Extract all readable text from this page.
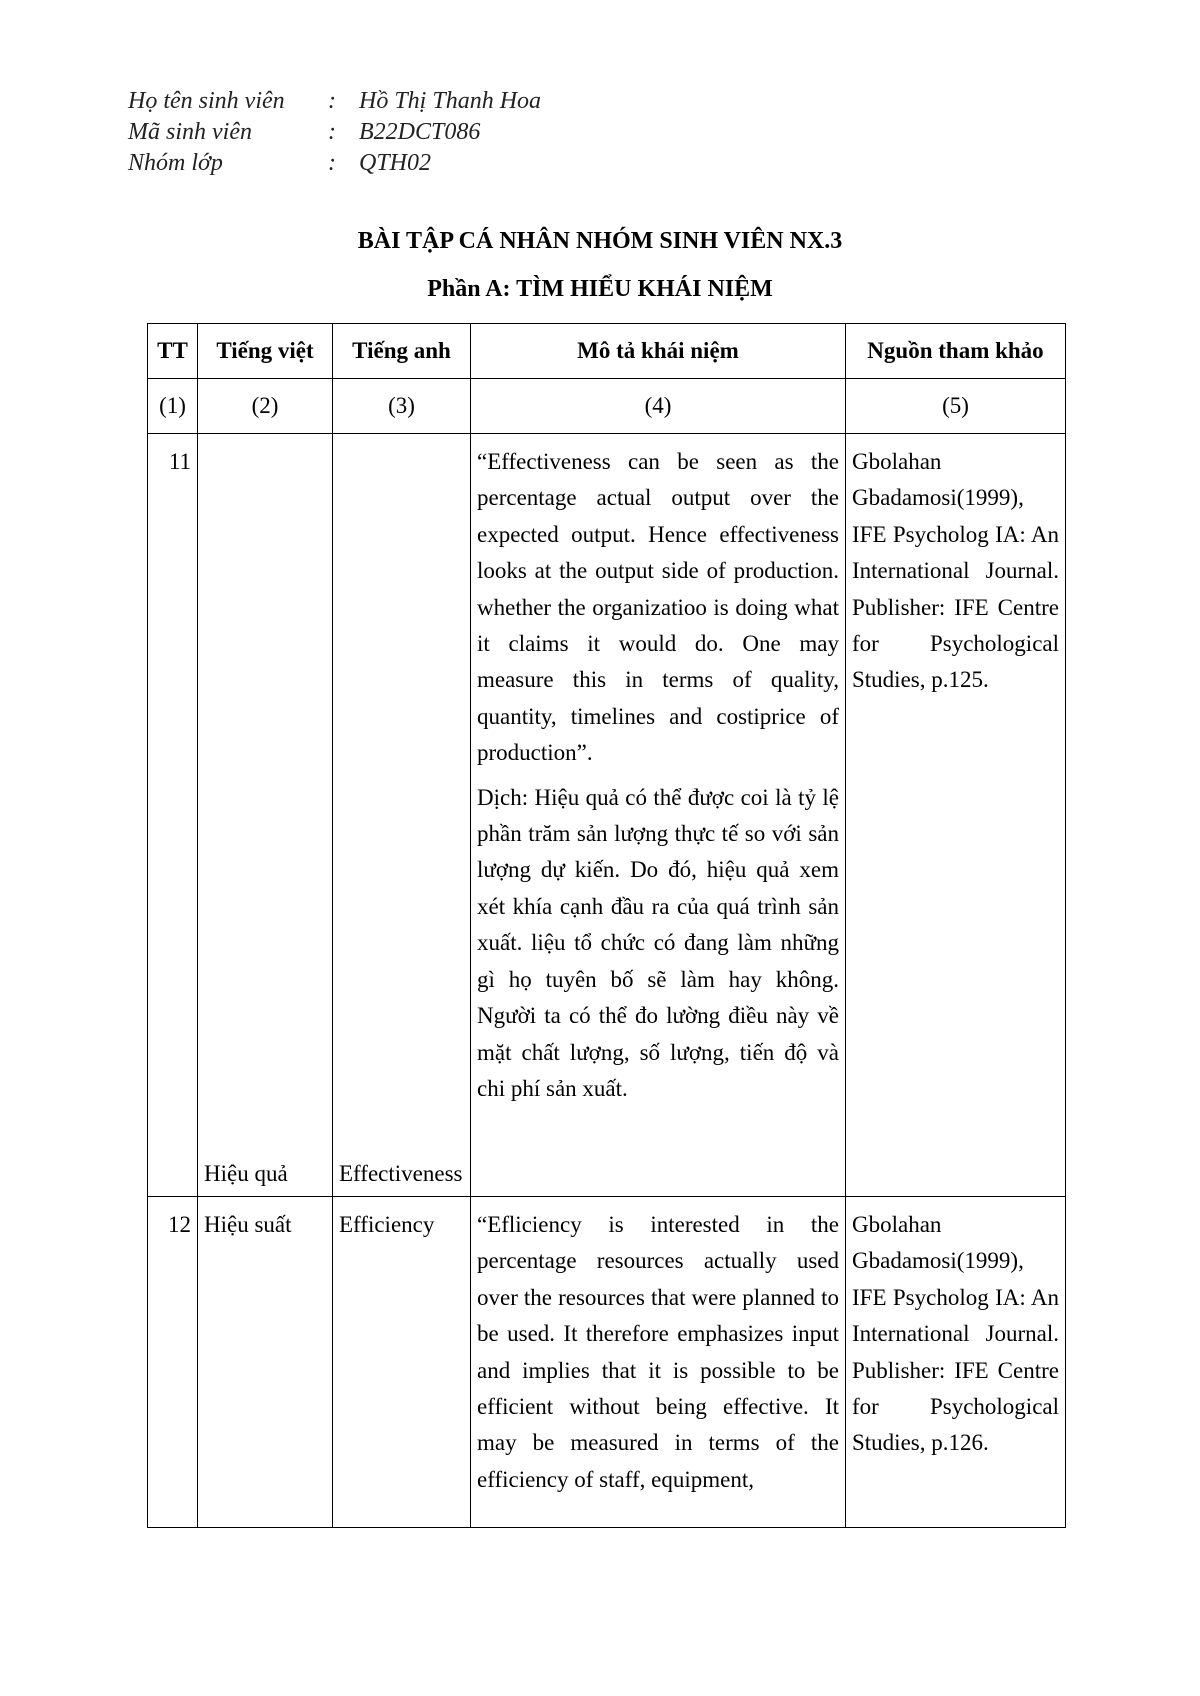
Họ tên sinh viên	: Hồ Thị Thanh Hoa
Mã sinh viên	: B22DCT086
Nhóm lớp	: QTH02
BÀI TẬP CÁ NHÂN NHÓM SINH VIÊN NX.3
Phần A: TÌM HIỂU KHÁI NIỆM
TT	Tiếng việt	Tiếng anh	Mô tả khái niệm	Nguồn tham khảo
(1)	(2)	(3)	(4)	(5)
11	Hiệu quả	Effectiveness	“Effectiveness can be seen as the percentage actual output over the expected output. Hence effectiveness looks at the output side of production. whether the organizatioo is doing what it claims it would do. One may measure this in terms of quality, quantity, timelines and costiprice of production”.

Dịch: Hiệu quả có thể được coi là tỷ lệ phần trăm sản lượng thực tế so với sản lượng dự kiến. Do đó, hiệu quả xem xét khía cạnh đầu ra của quá trình sản xuất. liệu tổ chức có đang làm những gì họ tuyên bố sẽ làm hay không. Người ta có thể đo lường điều này về mặt chất lượng, số lượng, tiến độ và chi phí sản xuất.	Gbolahan Gbadamosi(1999), IFE Psycholog IA: An International Journal. Publisher: IFE Centre for Psychological Studies, p.125.
12	Hiệu suất	Efficiency	“Efliciency is interested in the percentage resources actually used over the resources that were planned to be used. It therefore emphasizes input and implies that it is possible to be efficient without being effective. It may be measured in terms of the efficiency of staff, equipment,	Gbolahan Gbadamosi(1999), IFE Psycholog IA: An International Journal. Publisher: IFE Centre for Psychological Studies, p.126.
